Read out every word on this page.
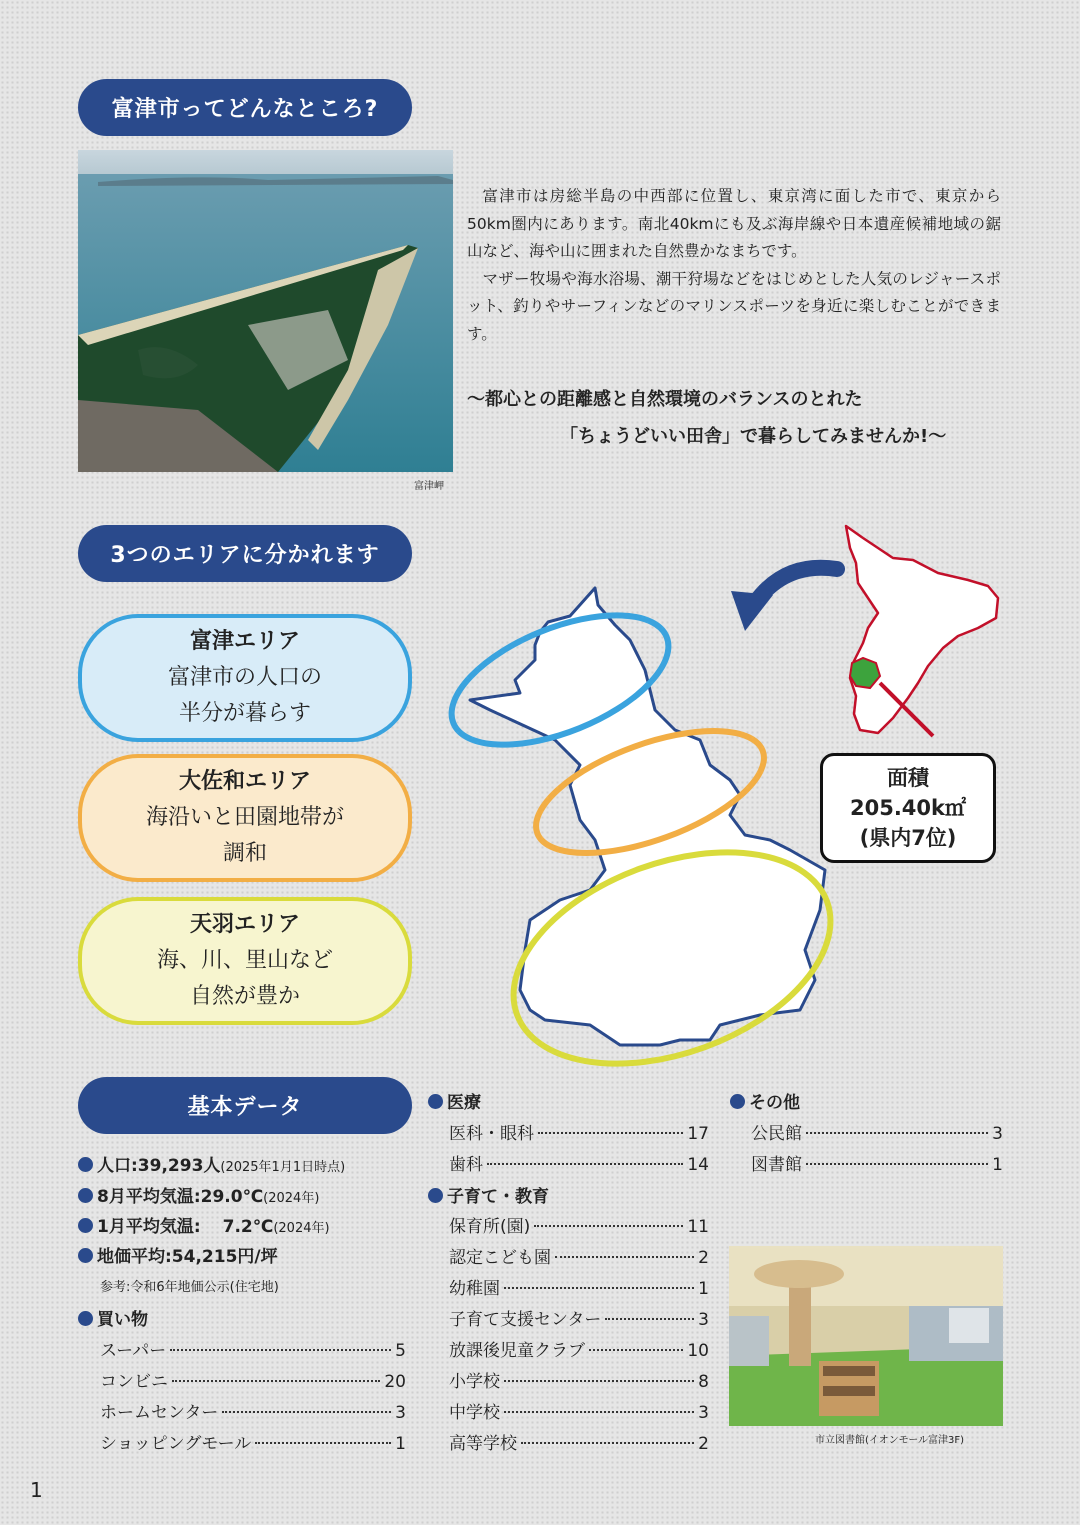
富津市ってどんなところ?
富津岬

富津市は房総半島の中西部に位置し、東京湾に面した市で、東京から50km圏内にあります。南北40kmにも及ぶ海岸線や日本遺産候補地域の鋸山など、海や山に囲まれた自然豊かなまちです。

マザー牧場や海水浴場、潮干狩場などをはじめとした人気のレジャースポット、釣りやサーフィンなどのマリンスポーツを身近に楽しむことができます。

〜都心との距離感と自然環境のバランスのとれた
「ちょうどいい田舎」で暮らしてみませんか!〜
3つのエリアに分かれます
富津エリア
富津市の人口の
半分が暮らす
大佐和エリア
海沿いと田園地帯が
調和
天羽エリア
海、川、里山など
自然が豊か
面積
205.40k㎡
(県内7位)
基本データ
人口:39,293人(2025年1月1日時点)
8月平均気温:29.0℃(2024年)
1月平均気温: 7.2℃(2024年)
地価平均:54,215円/坪
参考:令和6年地価公示(住宅地)
買い物
スーパー	5
コンビニ	20
ホームセンター	3
ショッピングモール	1
医療
医科・眼科	17
歯科	14
子育て・教育
保育所(園)	11
認定こども園	2
幼稚園	1
子育て支援センター	3
放課後児童クラブ	10
小学校	8
中学校	3
高等学校	2
その他
公民館	3
図書館	1
市立図書館(イオンモール富津3F)
1
